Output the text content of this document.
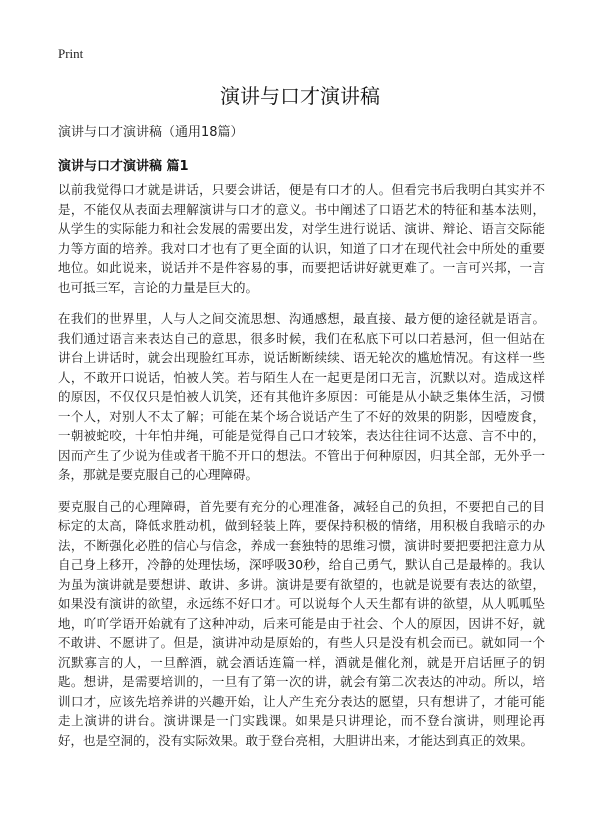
Print
演讲与口才演讲稿
演讲与口才演讲稿（通用18篇）
演讲与口才演讲稿 篇1

以前我觉得口才就是讲话，只要会讲话，便是有口才的人。但看完书后我明白其实并不是，不能仅从表面去理解演讲与口才的意义。书中阐述了口语艺术的特征和基本法则，从学生的实际能力和社会发展的需要出发，对学生进行说话、演讲、辩论、语言交际能力等方面的培养。我对口才也有了更全面的认识，知道了口才在现代社会中所处的重要地位。如此说来，说话并不是件容易的事，而要把话讲好就更难了。一言可兴邦，一言也可抵三军，言论的力量是巨大的。

在我们的世界里，人与人之间交流思想、沟通感想，最直接、最方便的途径就是语言。我们通过语言来表达自己的意思，很多时候，我们在私底下可以口若悬河，但一但站在讲台上讲话时，就会出现脸红耳赤，说话断断续续、语无轮次的尴尬情况。有这样一些人，不敢开口说话，怕被人笑。若与陌生人在一起更是闭口无言，沉默以对。造成这样的原因，不仅仅只是怕被人讥笑，还有其他许多原因：可能是从小缺乏集体生活，习惯一个人，对别人不太了解；可能在某个场合说话产生了不好的效果的阴影，因噎废食，一朝被蛇咬，十年怕井绳，可能是觉得自己口才较笨，表达往往词不达意、言不中的，因而产生了少说为佳或者干脆不开口的想法。不管出于何种原因，归其全部，无外乎一条，那就是要克服自己的心理障碍。

要克服自己的心理障碍，首先要有充分的心理准备，减轻自己的负担，不要把自己的目标定的太高，降低求胜动机，做到轻装上阵，要保持积极的情绪，用积极自我暗示的办法，不断强化必胜的信心与信念，养成一套独特的思维习惯，演讲时要把要把注意力从自己身上移开，冷静的处理怯场，深呼吸30秒，给自己勇气，默认自己是最棒的。我认为虽为演讲就是要想讲、敢讲、多讲。演讲是要有欲望的，也就是说要有表达的欲望，如果没有演讲的欲望，永远练不好口才。可以说每个人天生都有讲的欲望，从人呱呱坠地，吖吖学语开始就有了这种冲动，后来可能是由于社会、个人的原因，因讲不好，就不敢讲、不愿讲了。但是，演讲冲动是原始的，有些人只是没有机会而已。就如同一个沉默寡言的人，一旦醉酒，就会酒话连篇一样，酒就是催化剂，就是开启话匣子的钥匙。想讲，是需要培训的，一旦有了第一次的讲，就会有第二次表达的冲动。所以，培训口才，应该先培养讲的兴趣开始，让人产生充分表达的愿望，只有想讲了，才能可能走上演讲的讲台。演讲课是一门实践课。如果是只讲理论，而不登台演讲，则理论再好，也是空洞的，没有实际效果。敢于登台亮相，大胆讲出来，才能达到真正的效果。
